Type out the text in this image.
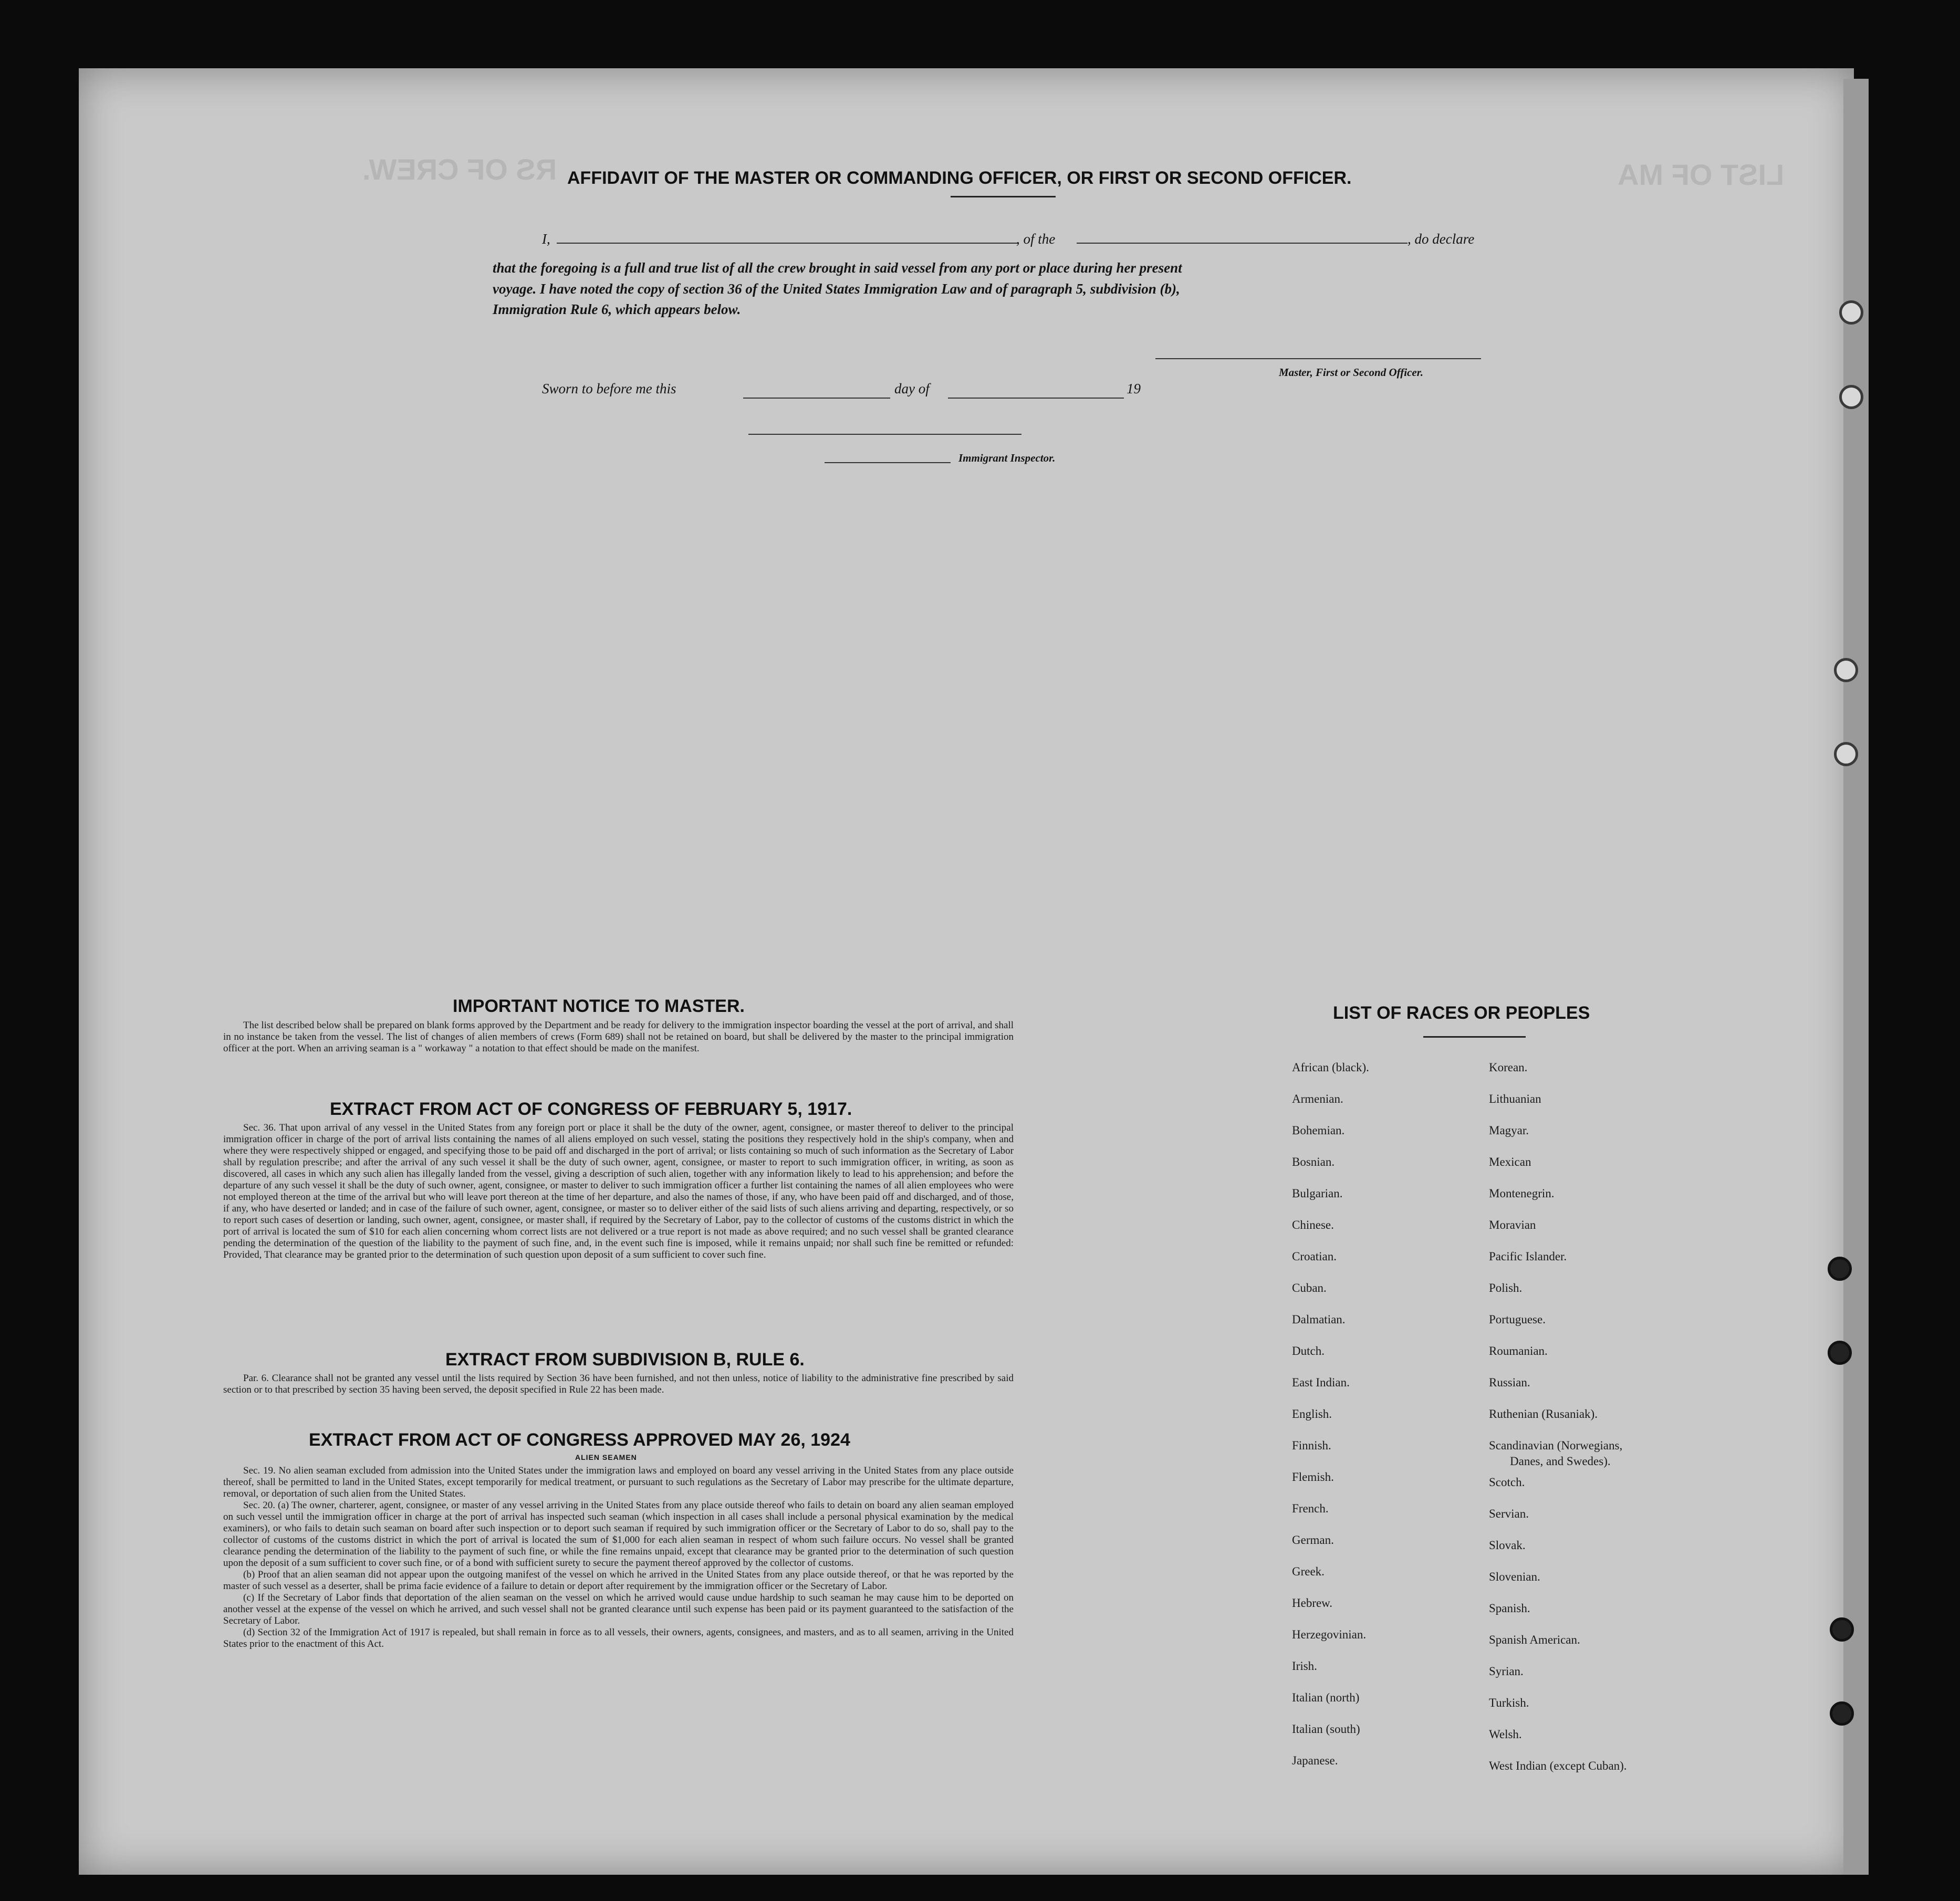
LIST OF MA
RS OF CREW. AFFIDAVIT OF THE MASTER OR COMMANDING OFFICER, OR FIRST OR SECOND OFFICER.
I,	, of the	, do declare
that the foregoing is a full and true list of all the crew brought in said vessel from any port or place during her present
voyage. I have noted the copy of section 36 of the United States Immigration Law and of paragraph 5, subdivision (b),
Immigration Rule 6, which appears below.
Master, First or Second Officer.
Sworn to before me this	day of	19
Immigrant Inspector.
IMPORTANT NOTICE TO MASTER.

The list described below shall be prepared on blank forms approved by the Department and be ready for delivery to the immigration inspector boarding the vessel at the port of arrival, and shall in no instance be taken from the vessel. The list of changes of alien members of crews (Form 689) shall not be retained on board, but shall be delivered by the master to the principal immigration officer at the port. When an arriving seaman is a " workaway " a notation to that effect should be made on the manifest.

EXTRACT FROM ACT OF CONGRESS OF FEBRUARY 5, 1917.

Sec. 36. That upon arrival of any vessel in the United States from any foreign port or place it shall be the duty of the owner, agent, consignee, or master thereof to deliver to the principal immigration officer in charge of the port of arrival lists containing the names of all aliens employed on such vessel, stating the positions they respectively hold in the ship's company, when and where they were respectively shipped or engaged, and specifying those to be paid off and discharged in the port of arrival; or lists containing so much of such information as the Secretary of Labor shall by regulation prescribe; and after the arrival of any such vessel it shall be the duty of such owner, agent, consignee, or master to report to such immigration officer, in writing, as soon as discovered, all cases in which any such alien has illegally landed from the vessel, giving a description of such alien, together with any information likely to lead to his apprehension; and before the departure of any such vessel it shall be the duty of such owner, agent, consignee, or master to deliver to such immigration officer a further list containing the names of all alien employees who were not employed thereon at the time of the arrival but who will leave port thereon at the time of her departure, and also the names of those, if any, who have been paid off and discharged, and of those, if any, who have deserted or landed; and in case of the failure of such owner, agent, consignee, or master so to deliver either of the said lists of such aliens arriving and departing, respectively, or so to report such cases of desertion or landing, such owner, agent, consignee, or master shall, if required by the Secretary of Labor, pay to the collector of customs of the customs district in which the port of arrival is located the sum of $10 for each alien concerning whom correct lists are not delivered or a true report is not made as above required; and no such vessel shall be granted clearance pending the determination of the question of the liability to the payment of such fine, and, in the event such fine is imposed, while it remains unpaid; nor shall such fine be remitted or refunded: Provided, That clearance may be granted prior to the determination of such question upon deposit of a sum sufficient to cover such fine.

EXTRACT FROM SUBDIVISION B, RULE 6.

Par. 6. Clearance shall not be granted any vessel until the lists required by Section 36 have been furnished, and not then unless, notice of liability to the administrative fine prescribed by said section or to that prescribed by section 35 having been served, the deposit specified in Rule 22 has been made.

EXTRACT FROM ACT OF CONGRESS APPROVED MAY 26, 1924
ALIEN SEAMEN

Sec. 19. No alien seaman excluded from admission into the United States under the immigration laws and employed on board any vessel arriving in the United States from any place outside thereof, shall be permitted to land in the United States, except temporarily for medical treatment, or pursuant to such regulations as the Secretary of Labor may prescribe for the ultimate departure, removal, or deportation of such alien from the United States.

Sec. 20. (a) The owner, charterer, agent, consignee, or master of any vessel arriving in the United States from any place outside thereof who fails to detain on board any alien seaman employed on such vessel until the immigration officer in charge at the port of arrival has inspected such seaman (which inspection in all cases shall include a personal physical examination by the medical examiners), or who fails to detain such seaman on board after such inspection or to deport such seaman if required by such immigration officer or the Secretary of Labor to do so, shall pay to the collector of customs of the customs district in which the port of arrival is located the sum of $1,000 for each alien seaman in respect of whom such failure occurs. No vessel shall be granted clearance pending the determination of the liability to the payment of such fine, or while the fine remains unpaid, except that clearance may be granted prior to the determination of such question upon the deposit of a sum sufficient to cover such fine, or of a bond with sufficient surety to secure the payment thereof approved by the collector of customs.

(b) Proof that an alien seaman did not appear upon the outgoing manifest of the vessel on which he arrived in the United States from any place outside thereof, or that he was reported by the master of such vessel as a deserter, shall be prima facie evidence of a failure to detain or deport after requirement by the immigration officer or the Secretary of Labor.

(c) If the Secretary of Labor finds that deportation of the alien seaman on the vessel on which he arrived would cause undue hardship to such seaman he may cause him to be deported on another vessel at the expense of the vessel on which he arrived, and such vessel shall not be granted clearance until such expense has been paid or its payment guaranteed to the satisfaction of the Secretary of Labor.

(d) Section 32 of the Immigration Act of 1917 is repealed, but shall remain in force as to all vessels, their owners, agents, consignees, and masters, and as to all seamen, arriving in the United States prior to the enactment of this Act.

LIST OF RACES OR PEOPLES
African (black).
Armenian.
Bohemian.
Bosnian.
Bulgarian.
Chinese.
Croatian.
Cuban.
Dalmatian.
Dutch.
East Indian.
English.
Finnish.
Flemish.
French.
German.
Greek.
Hebrew.
Herzegovinian.
Irish.
Italian (north)
Italian (south)
Japanese.
Korean.
Lithuanian
Magyar.
Mexican
Montenegrin.
Moravian
Pacific Islander.
Polish.
Portuguese.
Roumanian.
Russian.
Ruthenian (Rusaniak).
Scandinavian (Norwegians,
Danes, and Swedes).
Scotch.
Servian.
Slovak.
Slovenian.
Spanish.
Spanish American.
Syrian.
Turkish.
Welsh.
West Indian (except Cuban).
